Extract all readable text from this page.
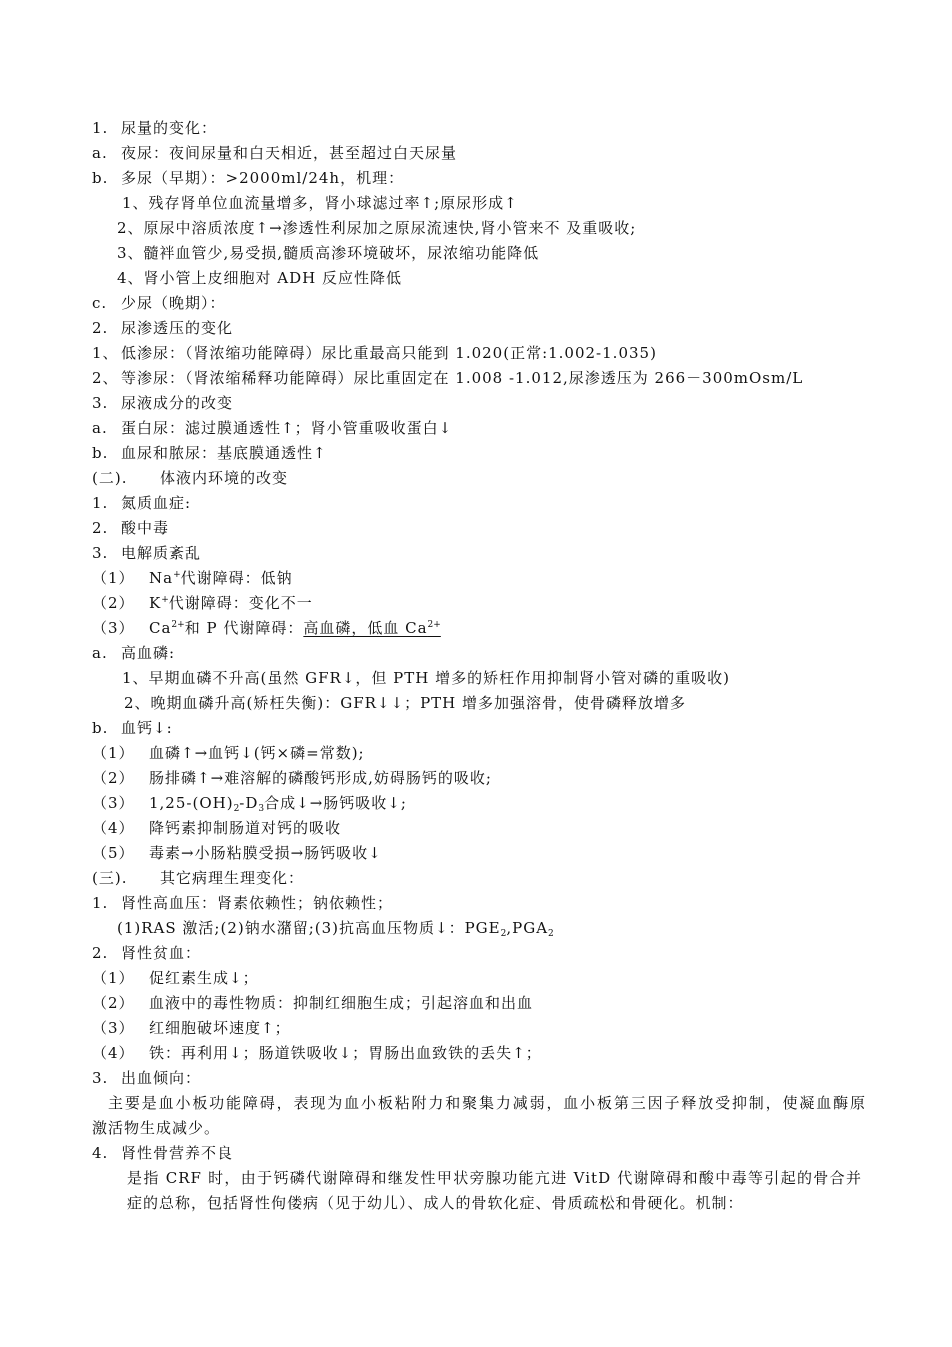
1. 尿量的变化：
a. 夜尿：夜间尿量和白天相近，甚至超过白天尿量
b. 多尿（早期）：>2000ml/24h，机理：
1、残存肾单位血流量增多，肾小球滤过率↑;原尿形成↑
2、原尿中溶质浓度↑→渗透性利尿加之原尿流速快,肾小管来不 及重吸收;
3、髓袢血管少,易受损,髓质高渗环境破坏，尿浓缩功能降低
4、肾小管上皮细胞对 ADH 反应性降低
c. 少尿（晚期）：
2. 尿渗透压的变化
1、 低渗尿：（肾浓缩功能障碍）尿比重最高只能到 1.020(正常:1.002-1.035)
2、 等渗尿：（肾浓缩稀释功能障碍）尿比重固定在 1.008 -1.012,尿渗透压为 266－300mOsm/L
3. 尿液成分的改变
a. 蛋白尿：滤过膜通透性↑；肾小管重吸收蛋白↓
b. 血尿和脓尿：基底膜通透性↑
(二). 体液内环境的改变
1. 氮质血症:
2. 酸中毒
3. 电解质紊乱
（1） Na+代谢障碍：低钠
（2） K+代谢障碍：变化不一
（3） $Ca^{2+}$和 P 代谢障碍：高血磷，低血 $Ca^{2+}$
a. 高血磷:
1、早期血磷不升高(虽然 GFR↓，但 PTH 增多的矫枉作用抑制肾小管对磷的重吸收)
2、晚期血磷升高(矫枉失衡)：GFR↓↓；PTH 增多加强溶骨，使骨磷释放增多
b. 血钙↓:
（1） 血磷↑→血钙↓(钙×磷=常数);
（2） 肠排磷↑→难溶解的磷酸钙形成,妨碍肠钙的吸收;
（3） $1,25-(OH)_2-D_3$合成↓→肠钙吸收↓;
（4） 降钙素抑制肠道对钙的吸收
（5） 毒素→小肠粘膜受损→肠钙吸收↓
(三). 其它病理生理变化：
1. 肾性高血压：肾素依赖性；钠依赖性；
(1)RAS 激活;(2)钠水潴留;(3)抗高血压物质↓：$PGE_2,PGA_2$
2. 肾性贫血：
（1） 促红素生成↓；
（2） 血液中的毒性物质：抑制红细胞生成；引起溶血和出血
（3） 红细胞破坏速度↑；
（4） 铁：再利用↓；肠道铁吸收↓；胃肠出血致铁的丢失↑；
3. 出血倾向：
主要是血小板功能障碍，表现为血小板粘附力和聚集力减弱，血小板第三因子释放受抑制，使凝血酶原
激活物生成减少。
4. 肾性骨营养不良
是指 CRF 时，由于钙磷代谢障碍和继发性甲状旁腺功能亢进 VitD 代谢障碍和酸中毒等引起的骨合并
症的总称，包括肾性佝偻病（见于幼儿）、成人的骨软化症、骨质疏松和骨硬化。机制：
